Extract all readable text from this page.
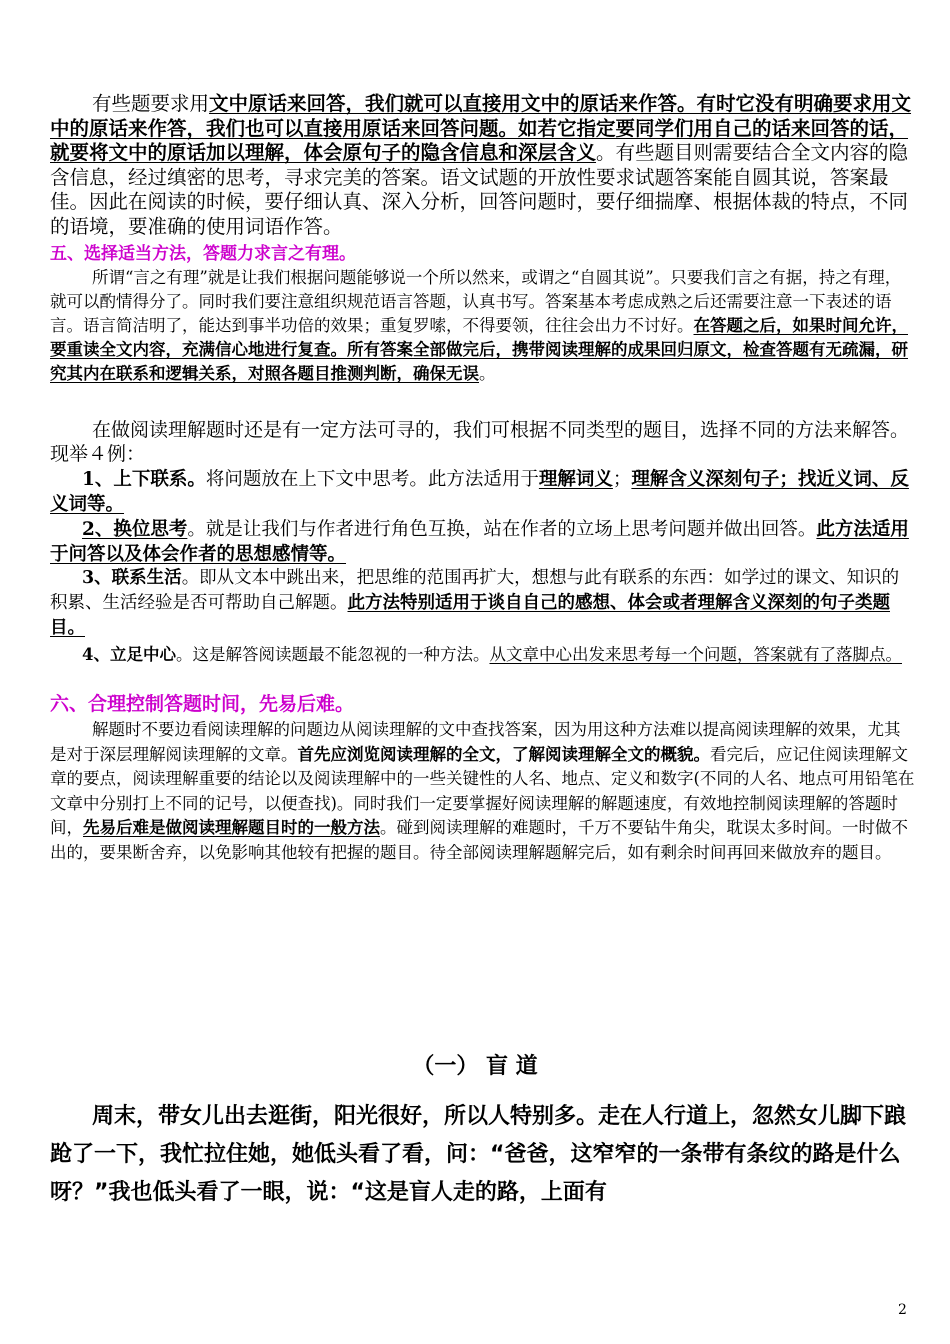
有些题要求用文中原话来回答，我们就可以直接用文中的原话来作答。有时它没有明确要求用文中的原话来作答，我们也可以直接用原话来回答问题。如若它指定要同学们用自己的话来回答的话，就要将文中的原话加以理解，体会原句子的隐含信息和深层含义。有些题目则需要结合全文内容的隐含信息，经过缜密的思考，寻求完美的答案。语文试题的开放性要求试题答案能自圆其说，答案最佳。因此在阅读的时候，要仔细认真、深入分析，回答问题时，要仔细揣摩、根据体裁的特点，不同的语境，要准确的使用词语作答。

五、选择适当方法，答题力求言之有理。

所谓“言之有理”就是让我们根据问题能够说一个所以然来，或谓之“自圆其说”。只要我们言之有据，持之有理，就可以酌情得分了。同时我们要注意组织规范语言答题，认真书写。答案基本考虑成熟之后还需要注意一下表述的语言。语言简洁明了，能达到事半功倍的效果；重复罗嗦，不得要领，往往会出力不讨好。在答题之后，如果时间允许，要重读全文内容，充满信心地进行复查。所有答案全部做完后，携带阅读理解的成果回归原文，检查答题有无疏漏，研究其内在联系和逻辑关系，对照各题目推测判断，确保无误。

在做阅读理解题时还是有一定方法可寻的，我们可根据不同类型的题目，选择不同的方法来解答。现举４例：

1、上下联系。将问题放在上下文中思考。此方法适用于理解词义；理解含义深刻句子；找近义词、反义词等。

2、换位思考。就是让我们与作者进行角色互换，站在作者的立场上思考问题并做出回答。此方法适用于问答以及体会作者的思想感情等。

3、联系生活。即从文本中跳出来，把思维的范围再扩大，想想与此有联系的东西：如学过的课文、知识的积累、生活经验是否可帮助自己解题。此方法特别适用于谈自自己的感想、体会或者理解含义深刻的句子类题目。

4、立足中心。这是解答阅读题最不能忽视的一种方法。从文章中心出发来思考每一个问题，答案就有了落脚点。

六、合理控制答题时间，先易后难。

解题时不要边看阅读理解的问题边从阅读理解的文中查找答案，因为用这种方法难以提高阅读理解的效果，尤其是对于深层理解阅读理解的文章。首先应浏览阅读理解的全文，了解阅读理解全文的概貌。看完后，应记住阅读理解文章的要点，阅读理解重要的结论以及阅读理解中的一些关键性的人名、地点、定义和数字(不同的人名、地点可用铅笔在文章中分别打上不同的记号，以便查找)。同时我们一定要掌握好阅读理解的解题速度，有效地控制阅读理解的答题时间，先易后难是做阅读理解题目时的一般方法。碰到阅读理解的难题时，千万不要钻牛角尖，耽误太多时间。一时做不出的，要果断舍弃，以免影响其他较有把握的题目。待全部阅读理解题解完后，如有剩余时间再回来做放弃的题目。

（一） 盲 道

周末，带女儿出去逛街，阳光很好，所以人特别多。走在人行道上，忽然女儿脚下踉跄了一下，我忙拉住她，她低头看了看，问：“爸爸，这窄窄的一条带有条纹的路是什么呀？”我也低头看了一眼，说：“这是盲人走的路，上面有

2
